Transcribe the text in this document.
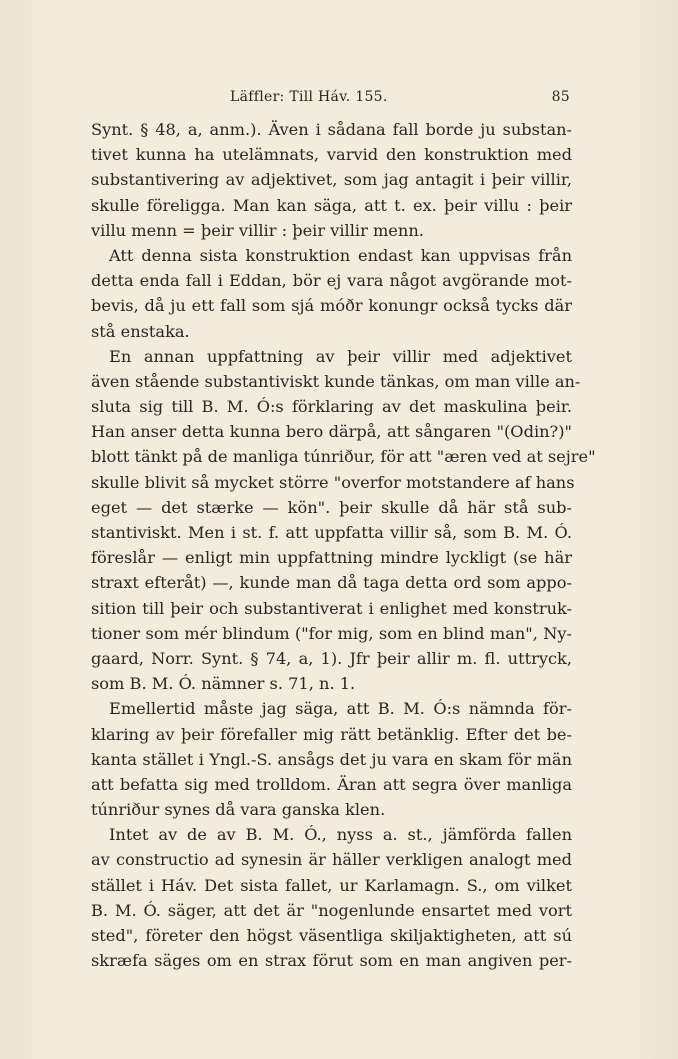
Läffler: Till Háv. 155.	85
Synt. § 48, a, anm.). Även i sådana fall borde ju substan-
tivet kunna ha utelämnats, varvid den konstruktion med
substantivering av adjektivet, som jag antagit i þeir villir,
skulle föreligga. Man kan säga, att t. ex. þeir villu : þeir
villu menn = þeir villir : þeir villir menn.
Att denna sista konstruktion endast kan uppvisas från
detta enda fall i Eddan, bör ej vara något avgörande mot-
bevis, då ju ett fall som sjá móðr konungr också tycks där
stå enstaka.
En annan uppfattning av þeir villir med adjektivet
även stående substantiviskt kunde tänkas, om man ville an-
sluta sig till B. M. Ó:s förklaring av det maskulina þeir.
Han anser detta kunna bero därpå, att sångaren "(Odin?)"
blott tänkt på de manliga túnriður, för att "æren ved at sejre"
skulle blivit så mycket större "overfor motstandere af hans
eget — det stærke — kön". þeir skulle då här stå sub-
stantiviskt. Men i st. f. att uppfatta villir så, som B. M. Ó.
föreslår — enligt min uppfattning mindre lyckligt (se här
straxt efteråt) —, kunde man då taga detta ord som appo-
sition till þeir och substantiverat i enlighet med konstruk-
tioner som mér blindum ("for mig, som en blind man", Ny-
gaard, Norr. Synt. § 74, a, 1). Jfr þeir allir m. fl. uttryck,
som B. M. Ó. nämner s. 71, n. 1.
Emellertid måste jag säga, att B. M. Ó:s nämnda för-
klaring av þeir förefaller mig rätt betänklig. Efter det be-
kanta stället i Yngl.-S. ansågs det ju vara en skam för män
att befatta sig med trolldom. Äran att segra över manliga
túnriður synes då vara ganska klen.
Intet av de av B. M. Ó., nyss a. st., jämförda fallen
av constructio ad synesin är häller verkligen analogt med
stället i Háv. Det sista fallet, ur Karlamagn. S., om vilket
B. M. Ó. säger, att det är "nogenlunde ensartet med vort
sted", företer den högst väsentliga skiljaktigheten, att sú
skræfa säges om en strax förut som en man angiven per-
